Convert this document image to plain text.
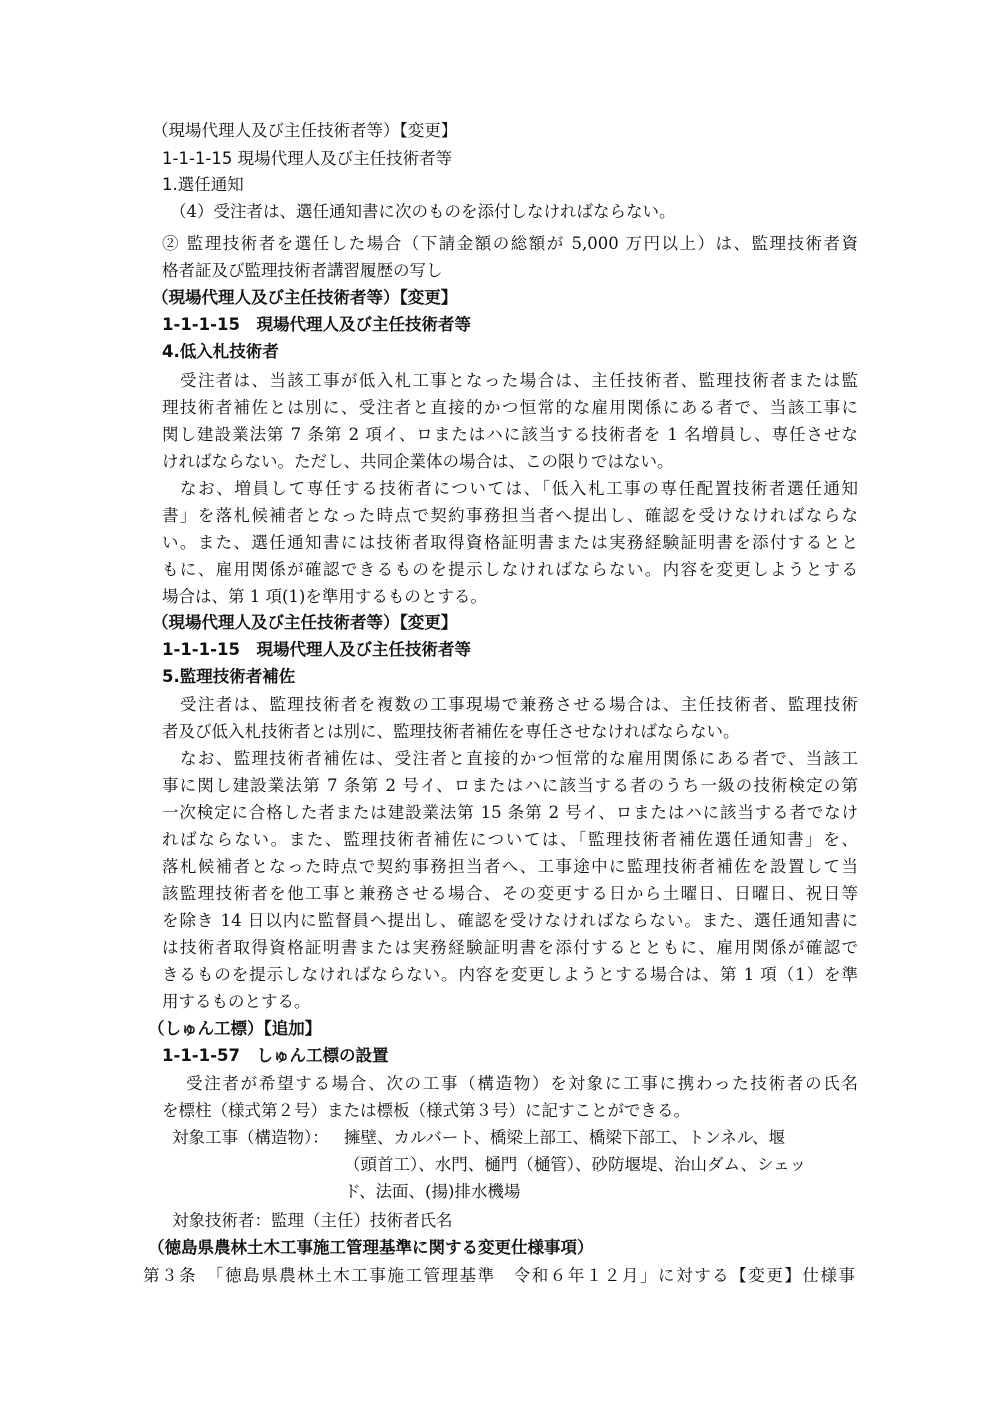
（現場代理人及び主任技術者等）【変更】
1-1-1-15 現場代理人及び主任技術者等
1.選任通知
（4）受注者は、選任通知書に次のものを添付しなければならない。
② 監理技術者を選任した場合（下請金額の総額が 5,000 万円以上）は、監理技術者資
格者証及び監理技術者講習履歴の写し
（現場代理人及び主任技術者等）【変更】
1-1-1-15　現場代理人及び主任技術者等
4.低入札技術者
受注者は、当該工事が低入札工事となった場合は、主任技術者、監理技術者または監
理技術者補佐とは別に、受注者と直接的かつ恒常的な雇用関係にある者で、当該工事に
関し建設業法第 7 条第 2 項イ、ロまたはハに該当する技術者を 1 名増員し、専任させな
ければならない。ただし、共同企業体の場合は、この限りではない。
なお、増員して専任する技術者については、「低入札工事の専任配置技術者選任通知
書」を落札候補者となった時点で契約事務担当者へ提出し、確認を受けなければならな
い。また、選任通知書には技術者取得資格証明書または実務経験証明書を添付するとと
もに、雇用関係が確認できるものを提示しなければならない。内容を変更しようとする
場合は、第 1 項(1)を準用するものとする。
（現場代理人及び主任技術者等）【変更】
1-1-1-15　現場代理人及び主任技術者等
5.監理技術者補佐
受注者は、監理技術者を複数の工事現場で兼務させる場合は、主任技術者、監理技術
者及び低入札技術者とは別に、監理技術者補佐を専任させなければならない。
なお、監理技術者補佐は、受注者と直接的かつ恒常的な雇用関係にある者で、当該工
事に関し建設業法第 7 条第 2 号イ、ロまたはハに該当する者のうち一級の技術検定の第
一次検定に合格した者または建設業法第 15 条第 2 号イ、ロまたはハに該当する者でなけ
ればならない。また、監理技術者補佐については、「監理技術者補佐選任通知書」を、
落札候補者となった時点で契約事務担当者へ、工事途中に監理技術者補佐を設置して当
該監理技術者を他工事と兼務させる場合、その変更する日から土曜日、日曜日、祝日等
を除き 14 日以内に監督員へ提出し、確認を受けなければならない。また、選任通知書に
は技術者取得資格証明書または実務経験証明書を添付するとともに、雇用関係が確認で
きるものを提示しなければならない。内容を変更しようとする場合は、第 1 項（1）を準
用するものとする。
（しゅん工標）【追加】
1-1-1-57　しゅん工標の設置
受注者が希望する場合、次の工事（構造物）を対象に工事に携わった技術者の氏名
を標柱（様式第２号）または標板（様式第３号）に記すことができる。
対象工事（構造物）： 擁壁、カルバート、橋梁上部工、橋梁下部工、トンネル、堰
（頭首工）、水門、樋門（樋管）、砂防堰堤、治山ダム、シェッ
ド、法面、(揚)排水機場
対象技術者：監理（主任）技術者氏名
（徳島県農林土木工事施工管理基準に関する変更仕様事項）
第３条　「徳島県農林土木工事施工管理基準　令和６年１２月」に対する【変更】仕様事
